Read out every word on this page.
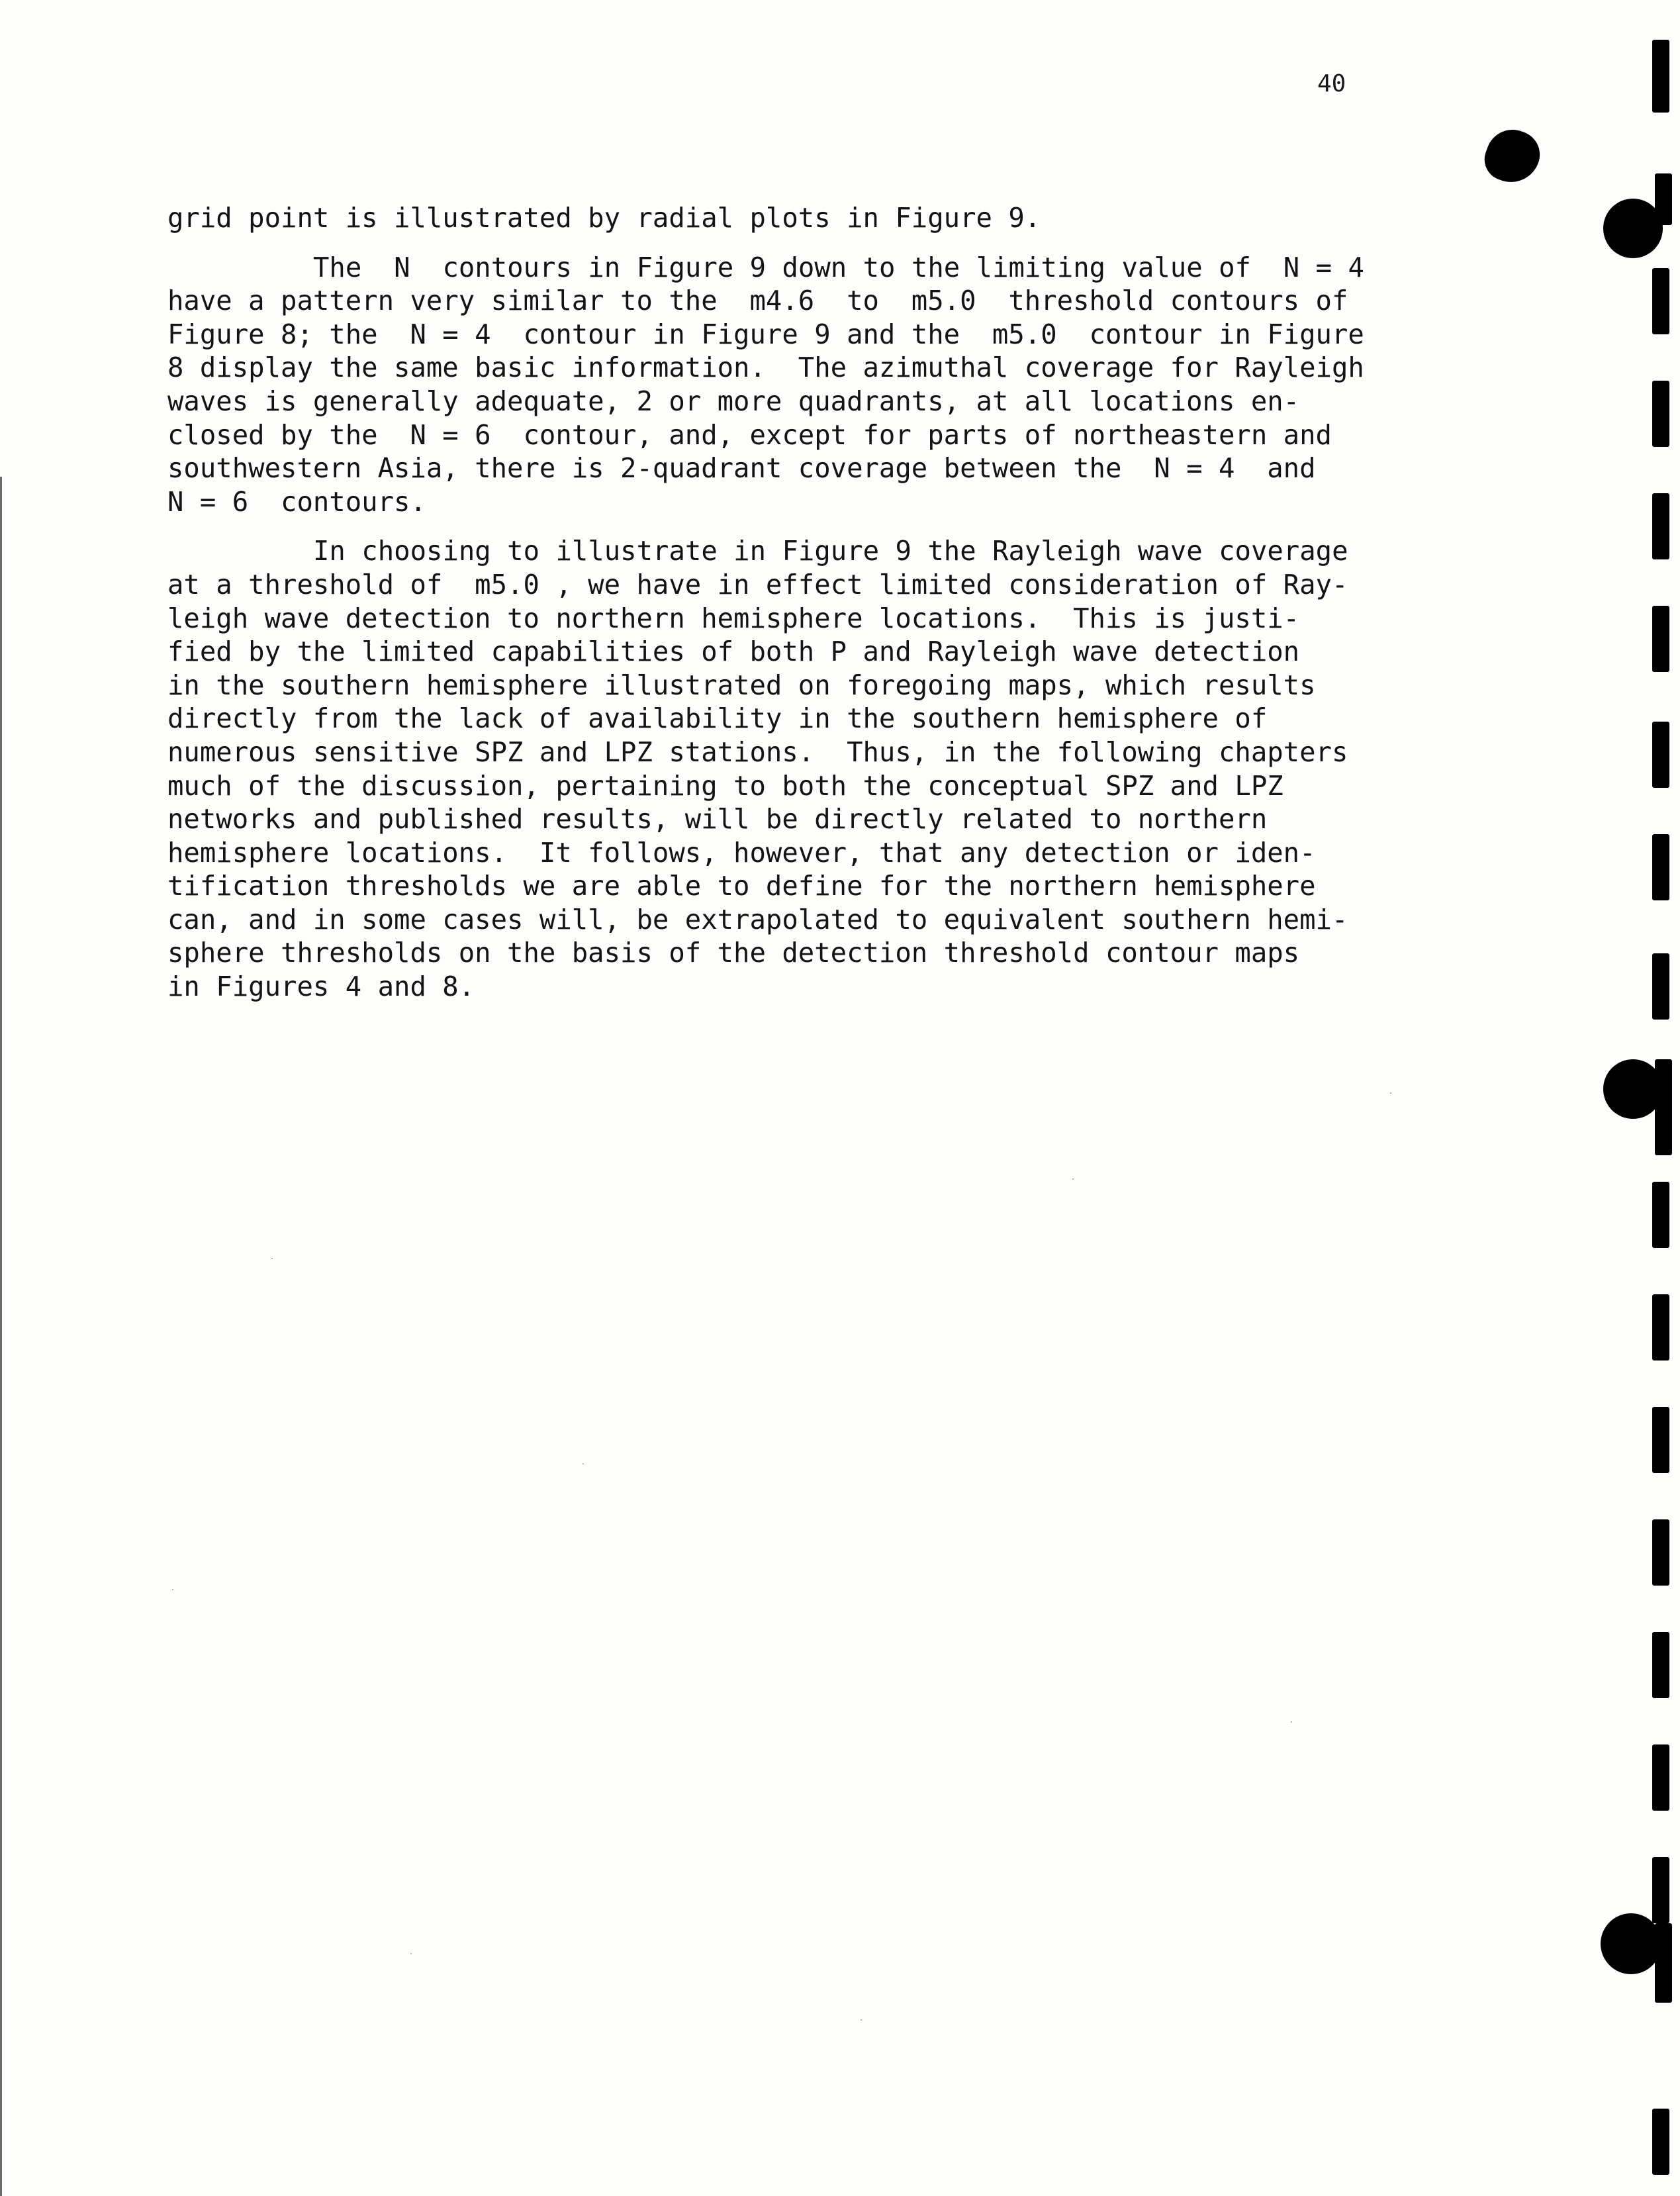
40
grid point is illustrated by radial plots in Figure 9.
The  N  contours in Figure 9 down to the limiting value of  N = 4
have a pattern very similar to the  m4.6  to  m5.0  threshold contours of
Figure 8; the  N = 4  contour in Figure 9 and the  m5.0  contour in Figure
8 display the same basic information.  The azimuthal coverage for Rayleigh
waves is generally adequate, 2 or more quadrants, at all locations en-
closed by the  N = 6  contour, and, except for parts of northeastern and
southwestern Asia, there is 2-quadrant coverage between the  N = 4  and
N = 6  contours.
In choosing to illustrate in Figure 9 the Rayleigh wave coverage
at a threshold of  m5.0 , we have in effect limited consideration of Ray-
leigh wave detection to northern hemisphere locations.  This is justi-
fied by the limited capabilities of both P and Rayleigh wave detection
in the southern hemisphere illustrated on foregoing maps, which results
directly from the lack of availability in the southern hemisphere of
numerous sensitive SPZ and LPZ stations.  Thus, in the following chapters
much of the discussion, pertaining to both the conceptual SPZ and LPZ
networks and published results, will be directly related to northern
hemisphere locations.  It follows, however, that any detection or iden-
tification thresholds we are able to define for the northern hemisphere
can, and in some cases will, be extrapolated to equivalent southern hemi-
sphere thresholds on the basis of the detection threshold contour maps
in Figures 4 and 8.
